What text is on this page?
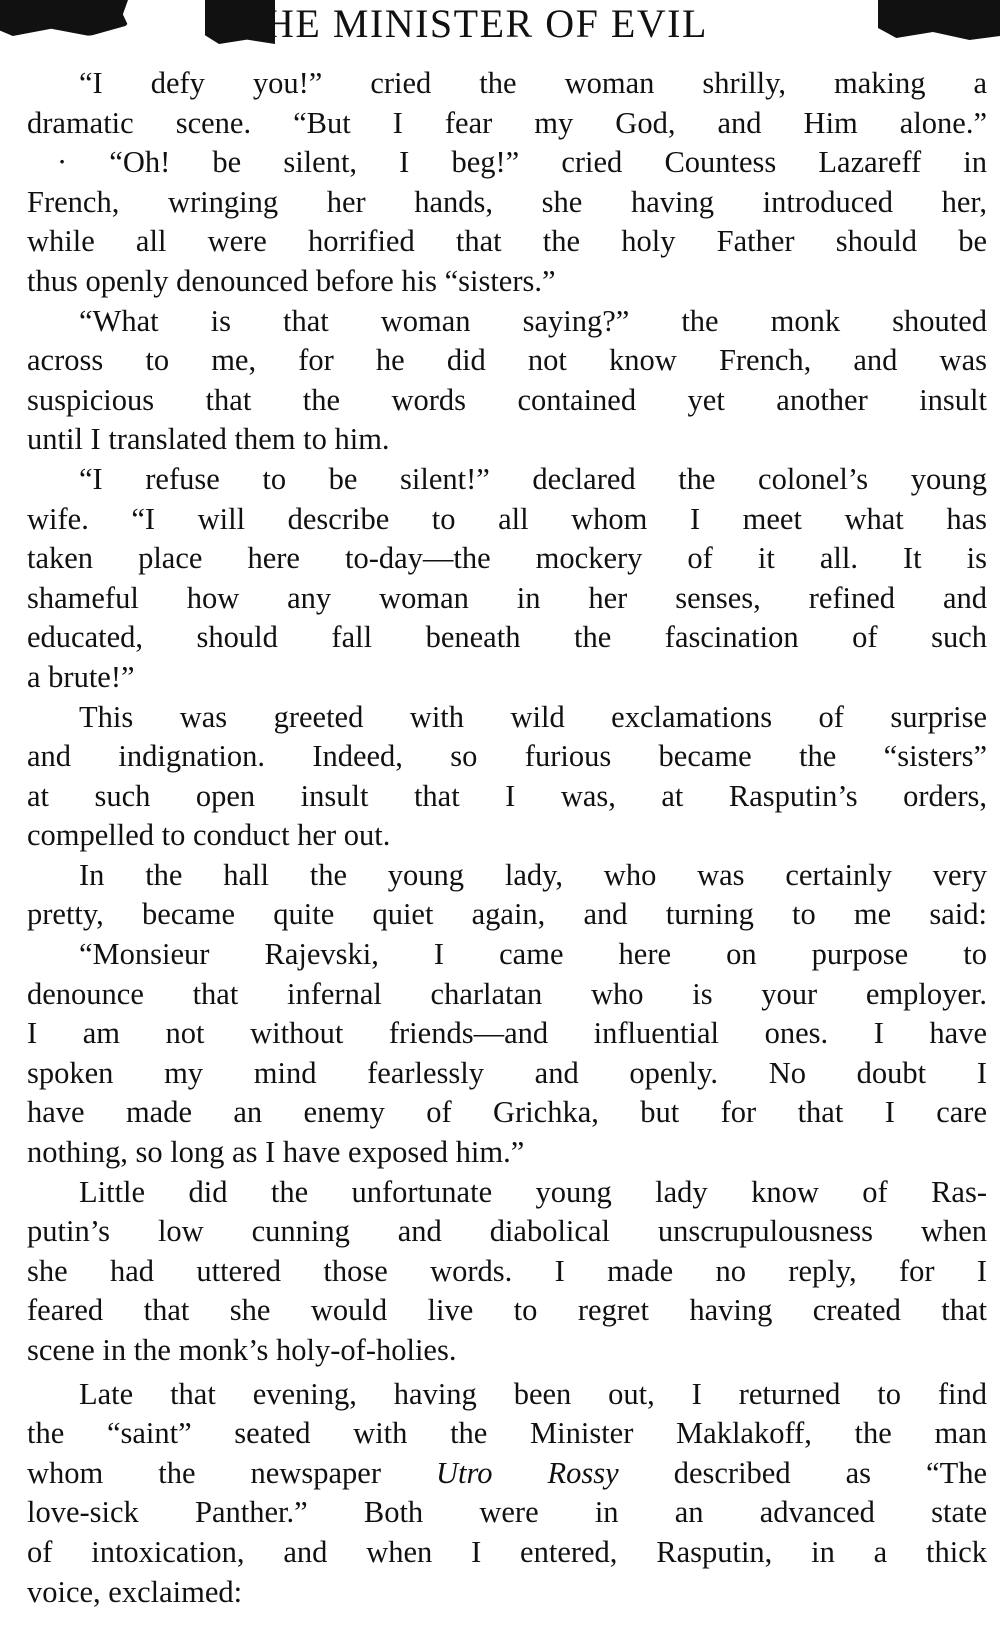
HE MINISTER OF EVIL
“I defy you!” cried the woman shrilly, making a
dramatic scene. “But I fear my God, and Him alone.”
· “Oh! be silent, I beg!” cried Countess Lazareff in
French, wringing her hands, she having introduced her,
while all were horrified that the holy Father should be
thus openly denounced before his “sisters.”
“What is that woman saying?” the monk shouted
across to me, for he did not know French, and was
suspicious that the words contained yet another insult
until I translated them to him.
“I refuse to be silent!” declared the colonel’s young
wife. “I will describe to all whom I meet what has
taken place here to-day—the mockery of it all. It is
shameful how any woman in her senses, refined and
educated, should fall beneath the fascination of such
a brute!”
This was greeted with wild exclamations of surprise
and indignation. Indeed, so furious became the “sisters”
at such open insult that I was, at Rasputin’s orders,
compelled to conduct her out.
In the hall the young lady, who was certainly very
pretty, became quite quiet again, and turning to me said:
“Monsieur Rajevski, I came here on purpose to
denounce that infernal charlatan who is your employer.
I am not without friends—and influential ones. I have
spoken my mind fearlessly and openly. No doubt I
have made an enemy of Grichka, but for that I care
nothing, so long as I have exposed him.”
Little did the unfortunate young lady know of Ras-
putin’s low cunning and diabolical unscrupulousness when
she had uttered those words. I made no reply, for I
feared that she would live to regret having created that
scene in the monk’s holy-of-holies.
Late that evening, having been out, I returned to find
the “saint” seated with the Minister Maklakoff, the man
whom the newspaper Utro Rossy described as “The
love-sick Panther.” Both were in an advanced state
of intoxication, and when I entered, Rasputin, in a thick
voice, exclaimed:
